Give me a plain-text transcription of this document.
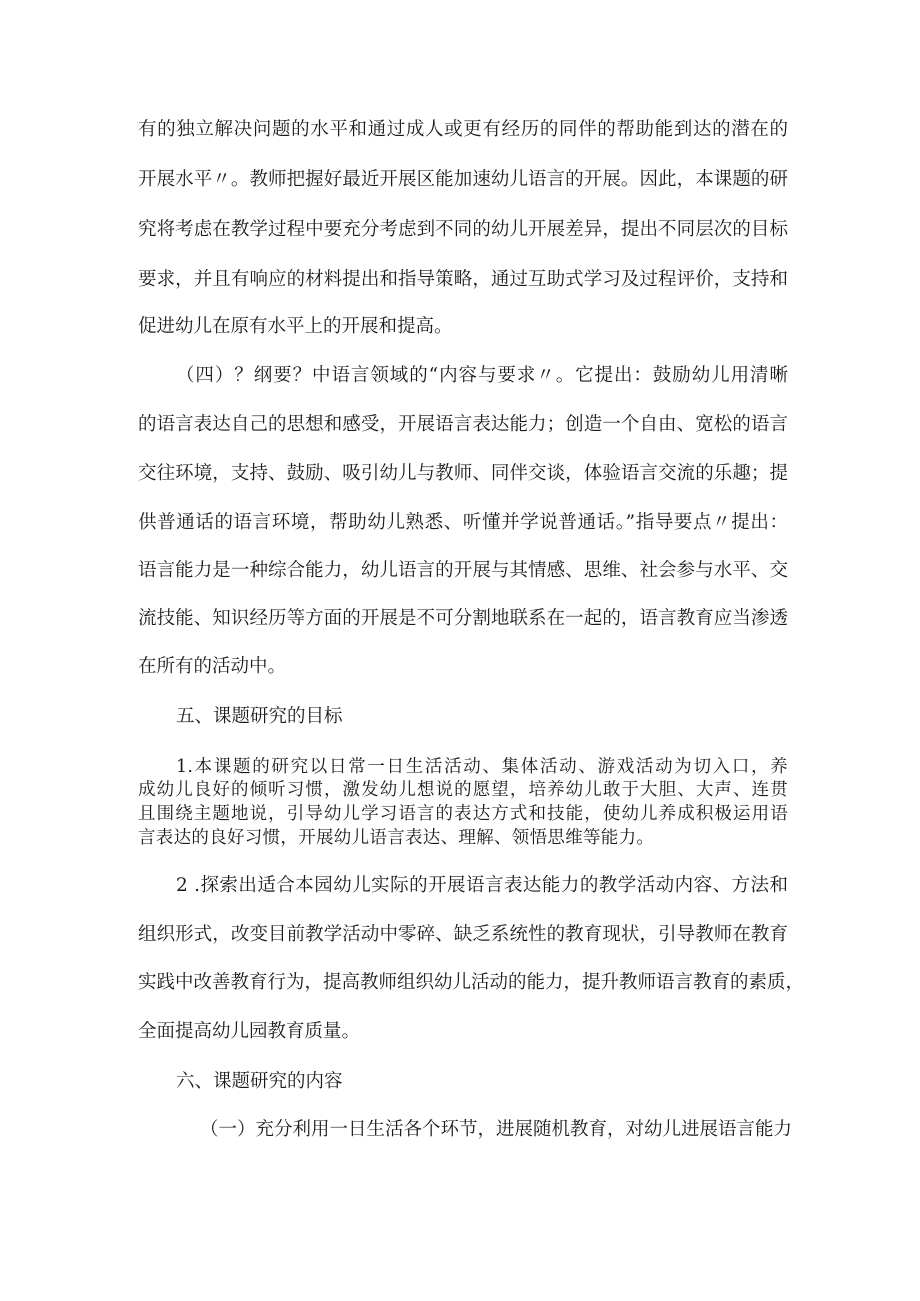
有的独立解决问题的水平和通过成人或更有经历的同伴的帮助能到达的潜在的
开展水平〃。教师把握好最近开展区能加速幼儿语言的开展。因此，本课题的研
究将考虑在教学过程中要充分考虑到不同的幼儿开展差异，提出不同层次的目标
要求，并且有响应的材料提出和指导策略，通过互助式学习及过程评价，支持和
促进幼儿在原有水平上的开展和提高。
（四）？纲要？中语言领域的“内容与要求〃。它提出：鼓励幼儿用清晰
的语言表达自己的思想和感受，开展语言表达能力；创造一个自由、宽松的语言
交往环境，支持、鼓励、吸引幼儿与教师、同伴交谈，体验语言交流的乐趣；提
供普通话的语言环境，帮助幼儿熟悉、听懂并学说普通话。”指导要点〃提出：
语言能力是一种综合能力，幼儿语言的开展与其情感、思维、社会参与水平、交
流技能、知识经历等方面的开展是不可分割地联系在一起的，语言教育应当渗透
在所有的活动中。
五、课题研究的目标
1.本课题的研究以日常一日生活活动、集体活动、游戏活动为切入口，养
成幼儿良好的倾听习惯，激发幼儿想说的愿望，培养幼儿敢于大胆、大声、连贯
且围绕主题地说，引导幼儿学习语言的表达方式和技能，使幼儿养成积极运用语
言表达的良好习惯，开展幼儿语言表达、理解、领悟思维等能力。
2 .探索出适合本园幼儿实际的开展语言表达能力的教学活动内容、方法和
组织形式，改变目前教学活动中零碎、缺乏系统性的教育现状，引导教师在教育
实践中改善教育行为，提高教师组织幼儿活动的能力，提升教师语言教育的素质，
全面提高幼儿园教育质量。
六、课题研究的内容
（一）充分利用一日生活各个环节，进展随机教育，对幼儿进展语言能力
